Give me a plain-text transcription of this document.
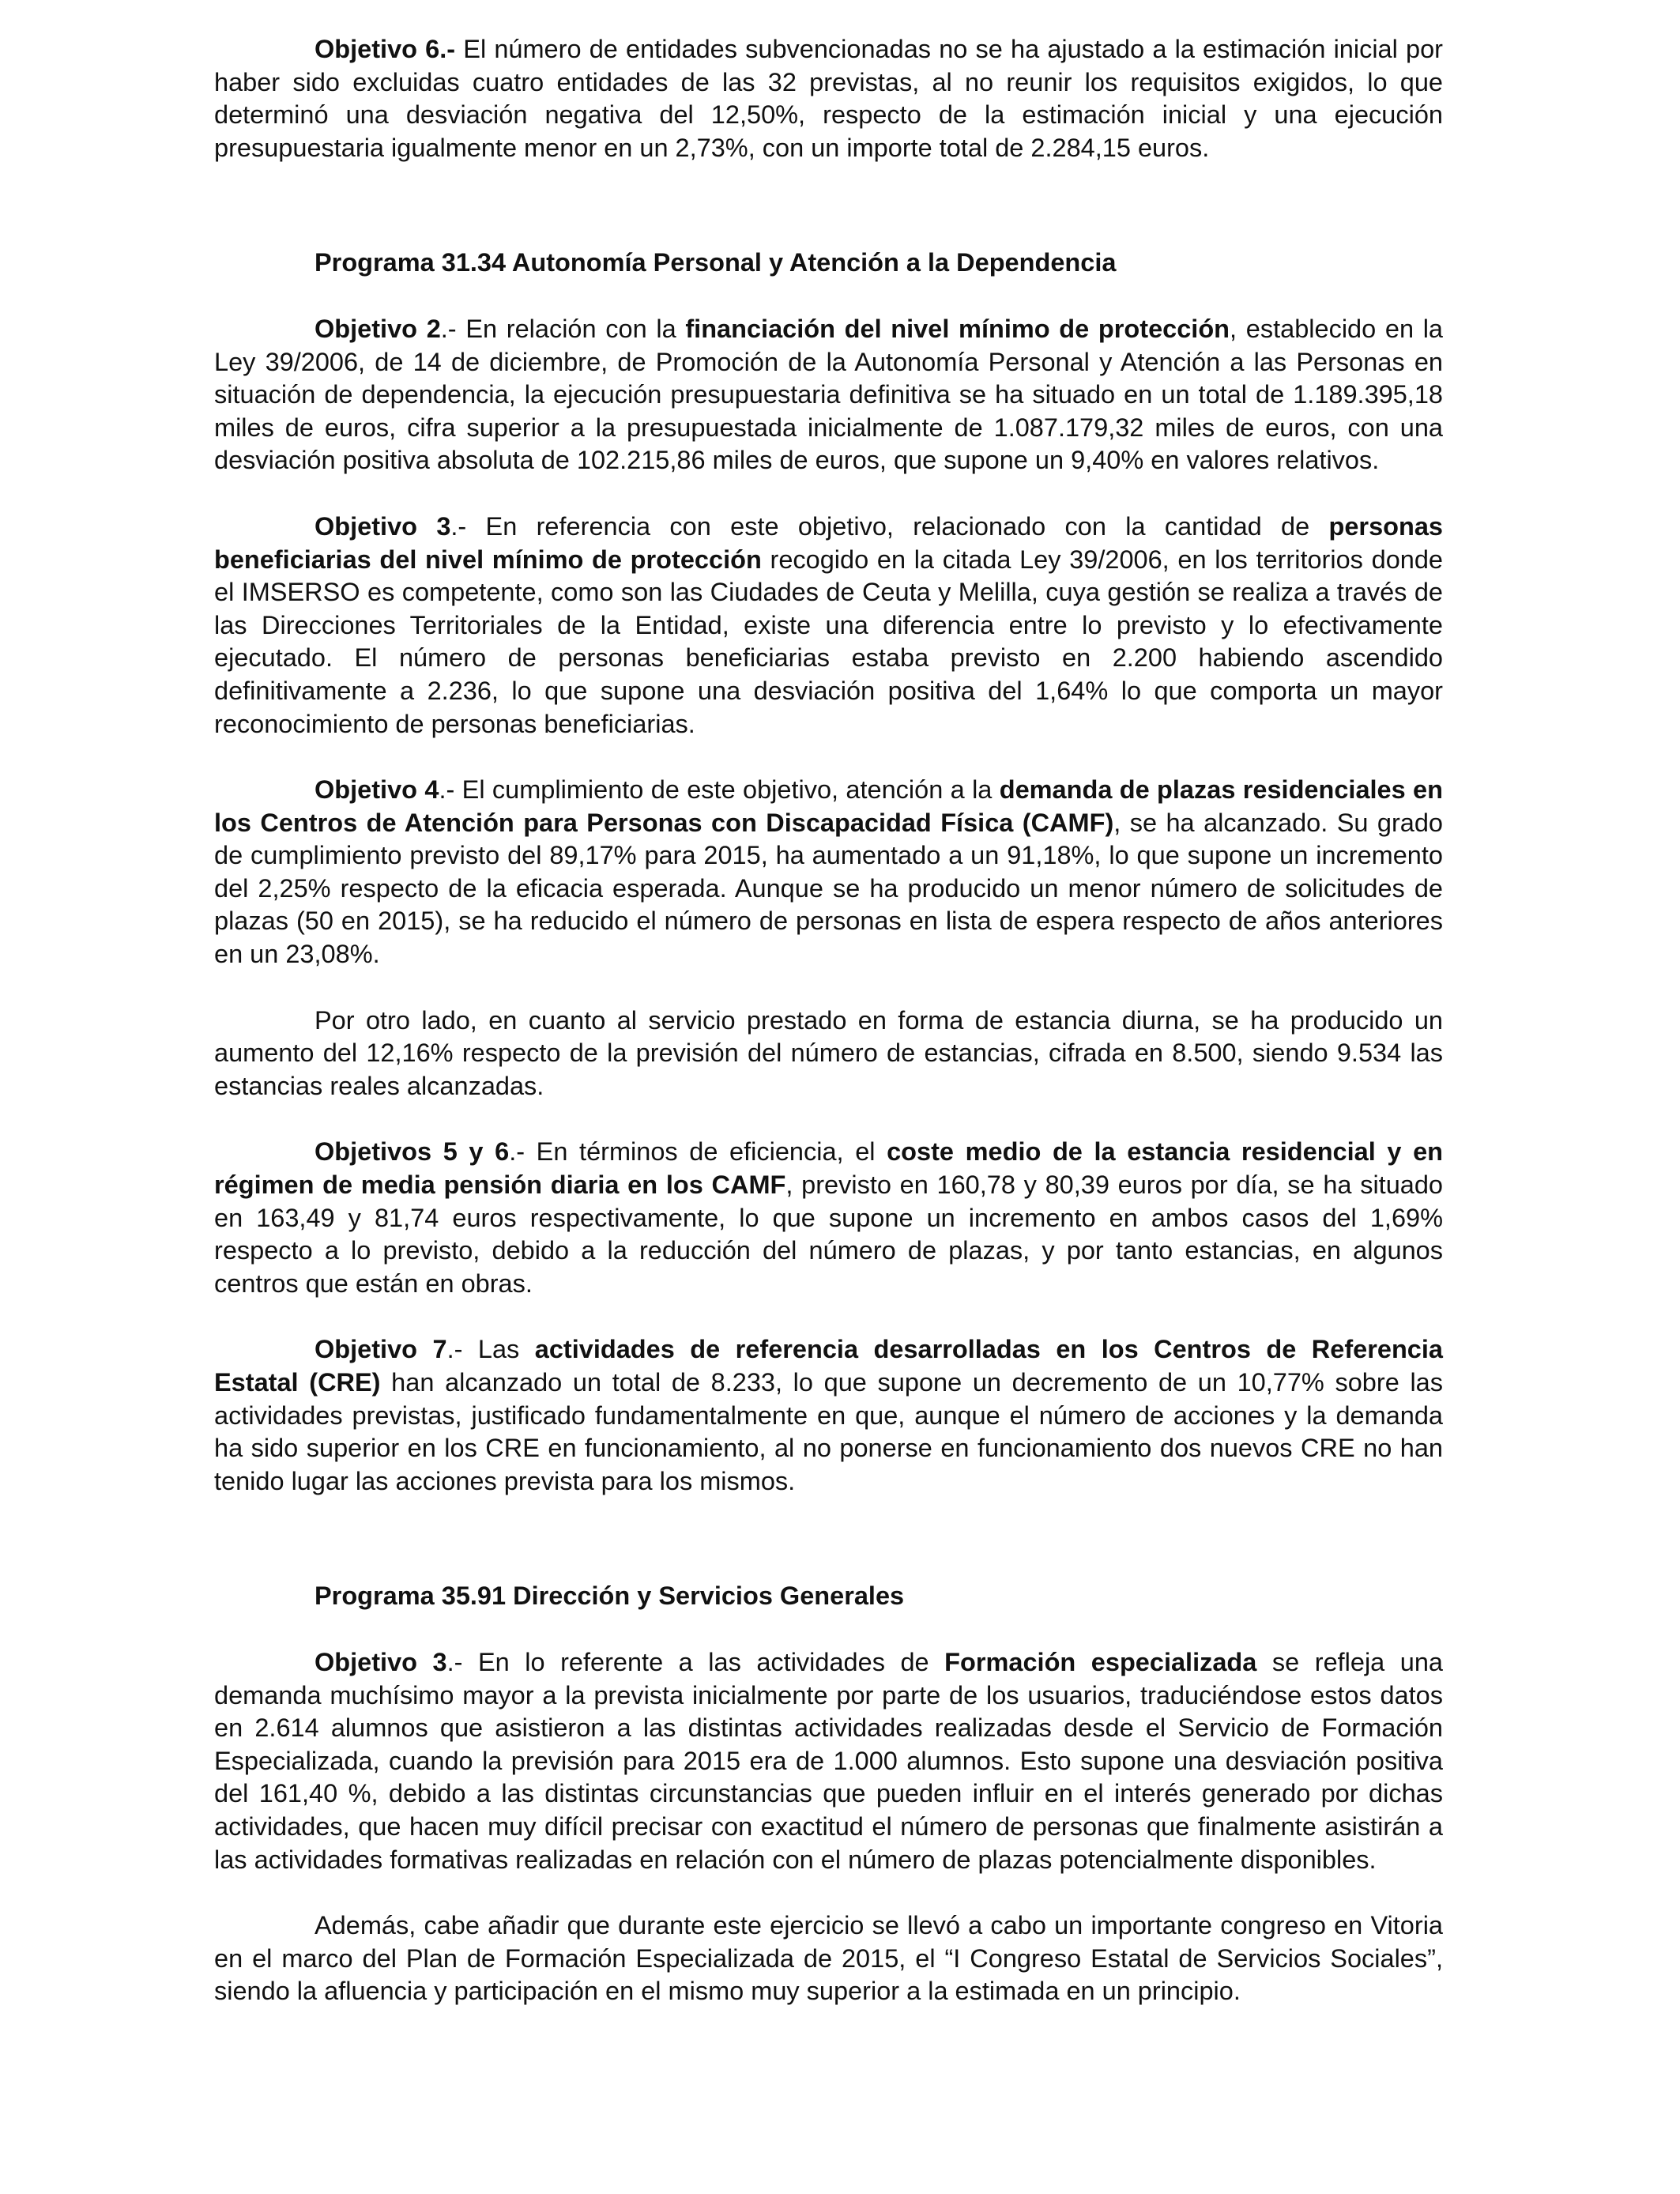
Objetivo 6.- El número de entidades subvencionadas no se ha ajustado a la estimación inicial por haber sido excluidas cuatro entidades de las 32 previstas, al no reunir los requisitos exigidos, lo que determinó una desviación negativa del 12,50%, respecto de la estimación inicial y una ejecución presupuestaria igualmente menor en un 2,73%, con un importe total de 2.284,15 euros.

Programa 31.34 Autonomía Personal y Atención a la Dependencia

Objetivo 2.- En relación con la financiación del nivel mínimo de protección, establecido en la Ley 39/2006, de 14 de diciembre, de Promoción de la Autonomía Personal y Atención a las Personas en situación de dependencia, la ejecución presupuestaria definitiva se ha situado en un total de 1.189.395,18 miles de euros, cifra superior a la presupuestada inicialmente de 1.087.179,32 miles de euros, con una desviación positiva absoluta de 102.215,86 miles de euros, que supone un 9,40% en valores relativos.

Objetivo 3.- En referencia con este objetivo, relacionado con la cantidad de personas beneficiarias del nivel mínimo de protección recogido en la citada Ley 39/2006, en los territorios donde el IMSERSO es competente, como son las Ciudades de Ceuta y Melilla, cuya gestión se realiza a través de las Direcciones Territoriales de la Entidad, existe una diferencia entre lo previsto y lo efectivamente ejecutado. El número de personas beneficiarias estaba previsto en 2.200 habiendo ascendido definitivamente a 2.236, lo que supone una desviación positiva del 1,64% lo que comporta un mayor reconocimiento de personas beneficiarias.

Objetivo 4.- El cumplimiento de este objetivo, atención a la demanda de plazas residenciales en los Centros de Atención para Personas con Discapacidad Física (CAMF), se ha alcanzado. Su grado de cumplimiento previsto del 89,17% para 2015, ha aumentado a un 91,18%, lo que supone un incremento del 2,25% respecto de la eficacia esperada. Aunque se ha producido un menor número de solicitudes de plazas (50 en 2015), se ha reducido el número de personas en lista de espera respecto de años anteriores en un 23,08%.

Por otro lado, en cuanto al servicio prestado en forma de estancia diurna, se ha producido un aumento del 12,16% respecto de la previsión del número de estancias, cifrada en 8.500, siendo 9.534 las estancias reales alcanzadas.

Objetivos 5 y 6.- En términos de eficiencia, el coste medio de la estancia residencial y en régimen de media pensión diaria en los CAMF, previsto en 160,78 y 80,39 euros por día, se ha situado en 163,49 y 81,74 euros respectivamente, lo que supone un incremento en ambos casos del 1,69% respecto a lo previsto, debido a la reducción del número de plazas, y por tanto estancias, en algunos centros que están en obras.

Objetivo 7.- Las actividades de referencia desarrolladas en los Centros de Referencia Estatal (CRE) han alcanzado un total de 8.233, lo que supone un decremento de un 10,77% sobre las actividades previstas, justificado fundamentalmente en que, aunque el número de acciones y la demanda ha sido superior en los CRE en funcionamiento, al no ponerse en funcionamiento dos nuevos CRE no han tenido lugar las acciones prevista para los mismos.

Programa 35.91 Dirección y Servicios Generales

Objetivo 3.- En lo referente a las actividades de Formación especializada se refleja una demanda muchísimo mayor a la prevista inicialmente por parte de los usuarios, traduciéndose estos datos en 2.614 alumnos que asistieron a las distintas actividades realizadas desde el Servicio de Formación Especializada, cuando la previsión para 2015 era de 1.000 alumnos. Esto supone una desviación positiva del 161,40 %, debido a las distintas circunstancias que pueden influir en el interés generado por dichas actividades, que hacen muy difícil precisar con exactitud el número de personas que finalmente asistirán a las actividades formativas realizadas en relación con el número de plazas potencialmente disponibles.

Además, cabe añadir que durante este ejercicio se llevó a cabo un importante congreso en Vitoria en el marco del Plan de Formación Especializada de 2015, el “I Congreso Estatal de Servicios Sociales”, siendo la afluencia y participación en el mismo muy superior a la estimada en un principio.
